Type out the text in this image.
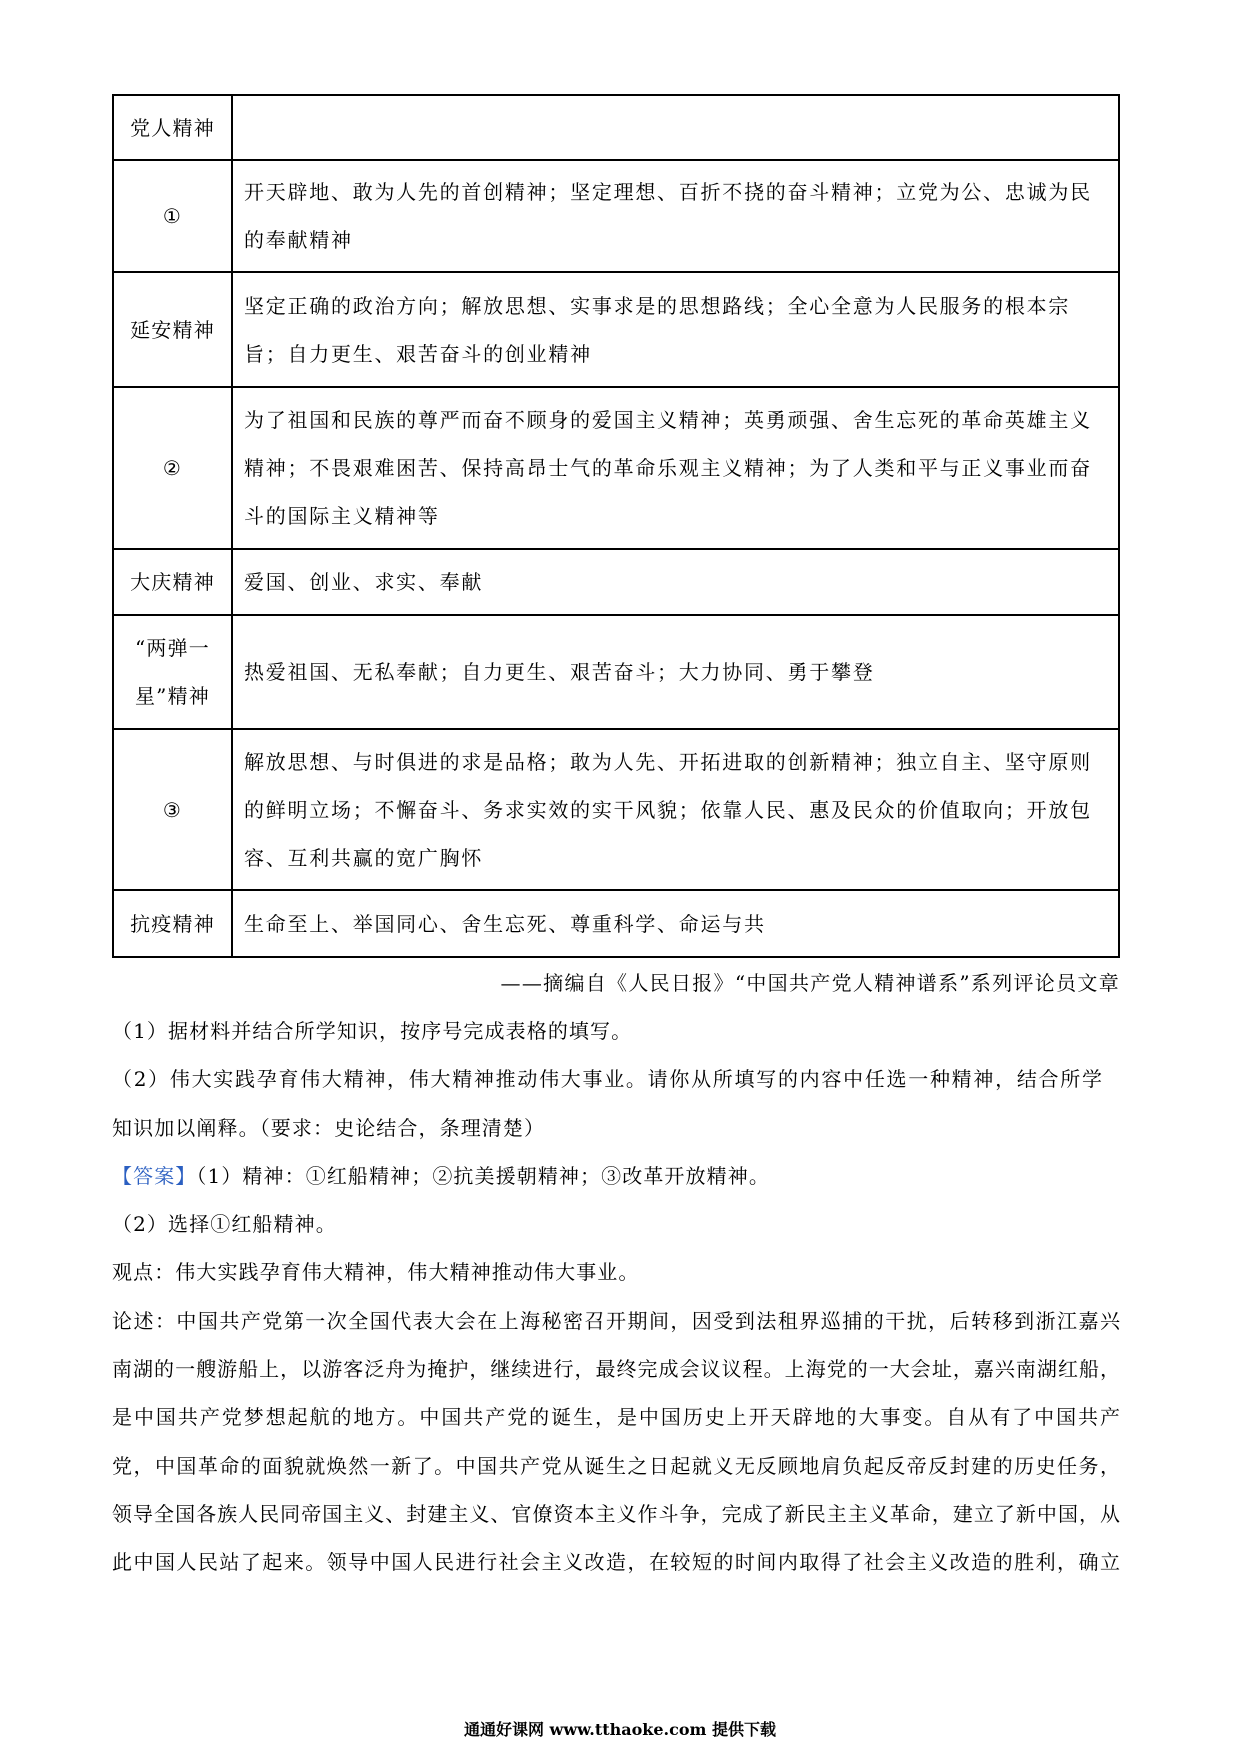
党人精神
①
开天辟地、敢为人先的首创精神；坚定理想、百折不挠的奋斗精神；立党为公、忠诚为民
的奉献精神
延安精神
坚定正确的政治方向；解放思想、实事求是的思想路线；全心全意为人民服务的根本宗
旨；自力更生、艰苦奋斗的创业精神
②
为了祖国和民族的尊严而奋不顾身的爱国主义精神；英勇顽强、舍生忘死的革命英雄主义
精神；不畏艰难困苦、保持高昂士气的革命乐观主义精神；为了人类和平与正义事业而奋
斗的国际主义精神等
大庆精神 爱国、创业、求实、奉献
“两弹一
星”精神
热爱祖国、无私奉献；自力更生、艰苦奋斗；大力协同、勇于攀登
③
解放思想、与时俱进的求是品格；敢为人先、开拓进取的创新精神；独立自主、坚守原则
的鲜明立场；不懈奋斗、务求实效的实干风貌；依靠人民、惠及民众的价值取向；开放包
容、互利共赢的宽广胸怀
抗疫精神 生命至上、举国同心、舍生忘死、尊重科学、命运与共
——摘编自《人民日报》“中国共产党人精神谱系”系列评论员文章
（1）据材料并结合所学知识，按序号完成表格的填写。
（2）伟大实践孕育伟大精神，伟大精神推动伟大事业。请你从所填写的内容中任选一种精神，结合所学
知识加以阐释。（要求：史论结合，条理清楚）
【答案】（1）精神：①红船精神；②抗美援朝精神；③改革开放精神。
（2）选择①红船精神。
观点：伟大实践孕育伟大精神，伟大精神推动伟大事业。
论述：中国共产党第一次全国代表大会在上海秘密召开期间，因受到法租界巡捕的干扰，后转移到浙江嘉兴
南湖的一艘游船上，以游客泛舟为掩护，继续进行，最终完成会议议程。上海党的一大会址，嘉兴南湖红船，
是中国共产党梦想起航的地方。中国共产党的诞生，是中国历史上开天辟地的大事变。自从有了中国共产
党，中国革命的面貌就焕然一新了。中国共产党从诞生之日起就义无反顾地肩负起反帝反封建的历史任务，
领导全国各族人民同帝国主义、封建主义、官僚资本主义作斗争，完成了新民主主义革命，建立了新中国，从
此中国人民站了起来。领导中国人民进行社会主义改造，在较短的时间内取得了社会主义改造的胜利，确立
通通好课网 www.tthaoke.com 提供下载
